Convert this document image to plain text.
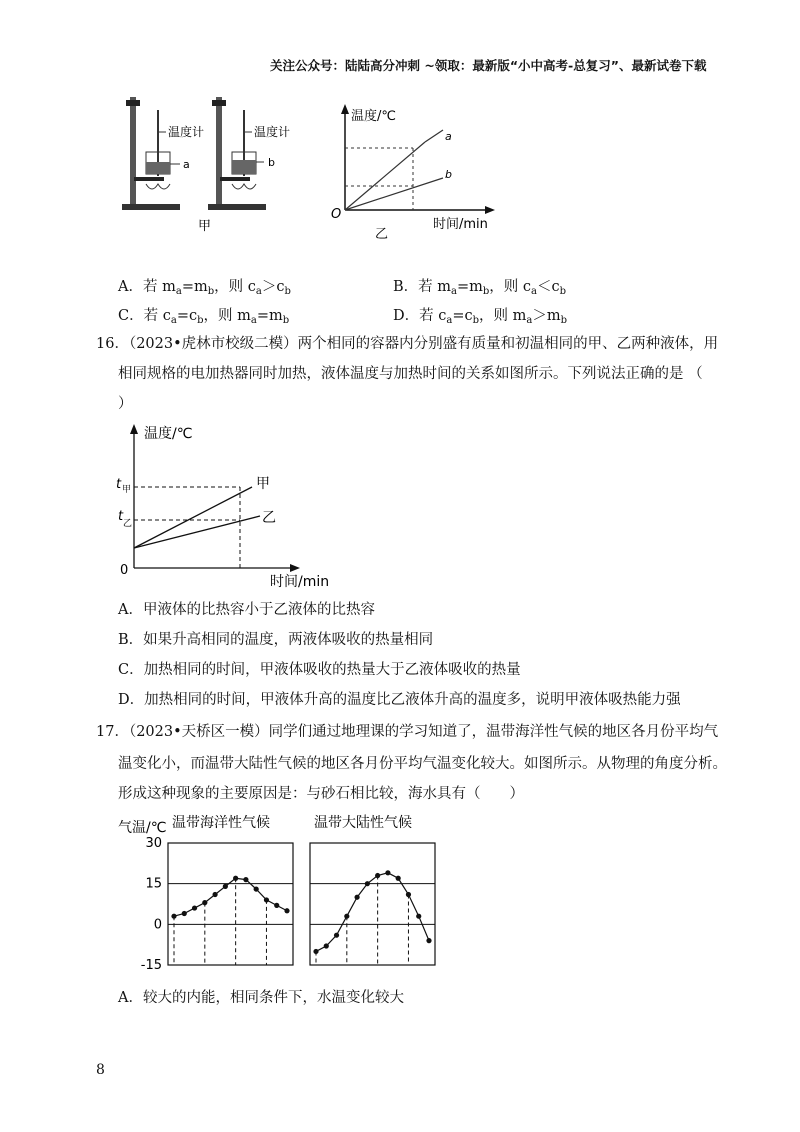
关注公众号：陆陆高分冲刺 ~领取：最新版“小中高考-总复习”、最新试卷下载
温度计	温度计
a	b
甲
温度/℃
时间/min
O
a
b
乙
A．若 $m_a=m_b$，则 $c_a>c_b$	B．若 $m_a=m_b$，则 $c_a<c_b$
C．若 $c_a=c_b$，则 $m_a=m_b$	D．若 $c_a=c_b$，则 $m_a>m_b$
16．（2023•虎林市校级二模）两个相同的容器内分别盛有质量和初温相同的甲、乙两种液体，用
相同规格的电加热器同时加热，液体温度与加热时间的关系如图所示。下列说法正确的是 （
）
温度/℃
时间/min
0
t 甲
t 乙
甲
乙
A．甲液体的比热容小于乙液体的比热容
B．如果升高相同的温度，两液体吸收的热量相同
C．加热相同的时间，甲液体吸收的热量大于乙液体吸收的热量
D．加热相同的时间，甲液体升高的温度比乙液体升高的温度多，说明甲液体吸热能力强
17．（2023•天桥区一模）同学们通过地理课的学习知道了，温带海洋性气候的地区各月份平均气
温变化小，而温带大陆性气候的地区各月份平均气温变化较大。如图所示。从物理的角度分析。
形成这种现象的主要原因是：与砂石相比较，海水具有（　　）
气温/℃ 温带海洋性气候	温带大陆性气候
30
15
0
-15
A．较大的内能，相同条件下，水温变化较大
8
